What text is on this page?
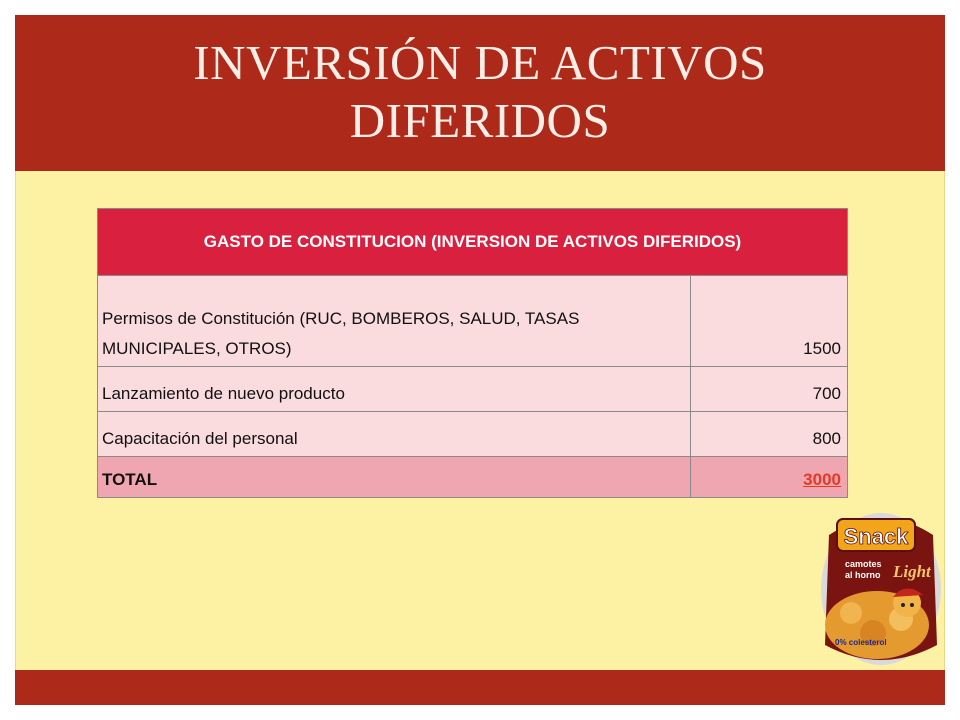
INVERSIÓN DE ACTIVOS
DIFERIDOS
GASTO DE CONSTITUCION (INVERSION DE ACTIVOS DIFERIDOS)	
Permisos de Constitución (RUC, BOMBEROS, SALUD, TASAS MUNICIPALES, OTROS)	1500
Lanzamiento de nuevo producto	700
Capacitación del personal	800
TOTAL	3000
Snack
camotes
al horno Light
0% colesterol
